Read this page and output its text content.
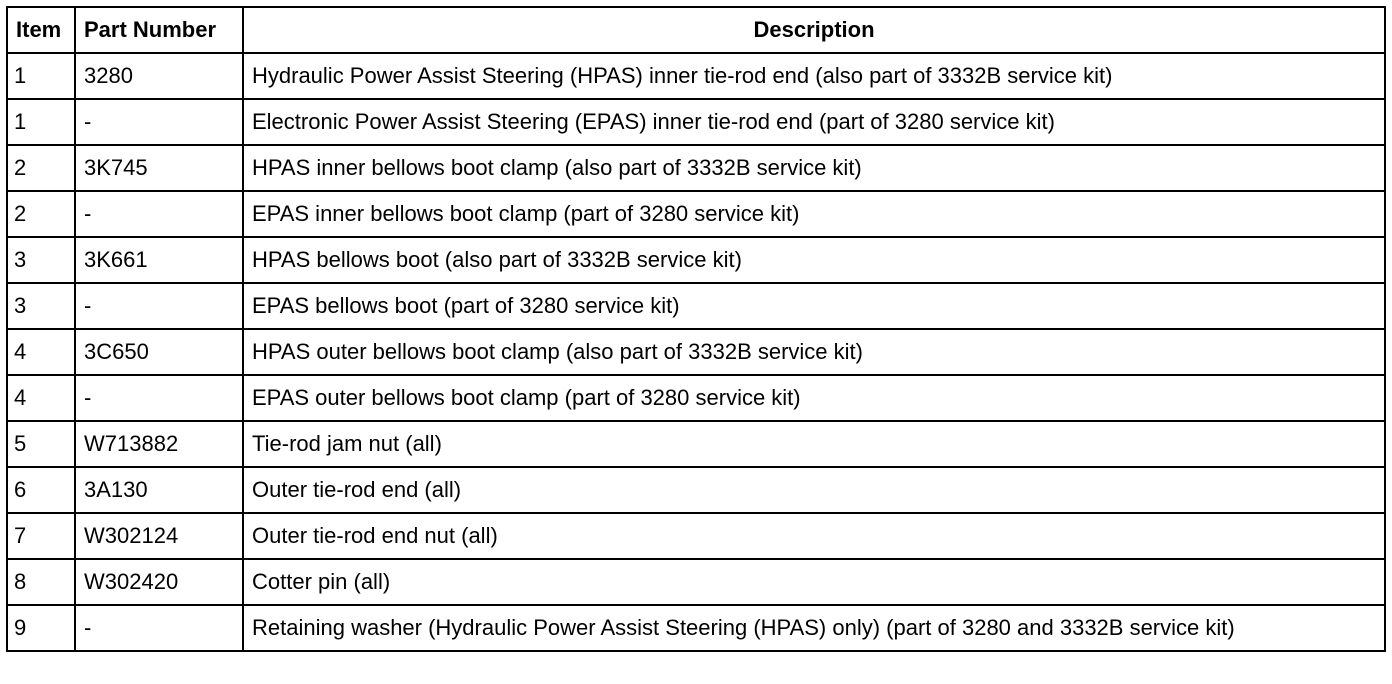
Item	Part Number	Description
1	3280	Hydraulic Power Assist Steering (HPAS) inner tie-rod end (also part of 3332B service kit)
1	-	Electronic Power Assist Steering (EPAS) inner tie-rod end (part of 3280 service kit)
2	3K745	HPAS inner bellows boot clamp (also part of 3332B service kit)
2	-	EPAS inner bellows boot clamp (part of 3280 service kit)
3	3K661	HPAS bellows boot (also part of 3332B service kit)
3	-	EPAS bellows boot (part of 3280 service kit)
4	3C650	HPAS outer bellows boot clamp (also part of 3332B service kit)
4	-	EPAS outer bellows boot clamp (part of 3280 service kit)
5	W713882	Tie-rod jam nut (all)
6	3A130	Outer tie-rod end (all)
7	W302124	Outer tie-rod end nut (all)
8	W302420	Cotter pin (all)
9	-	Retaining washer (Hydraulic Power Assist Steering (HPAS) only) (part of 3280 and 3332B service kit)
